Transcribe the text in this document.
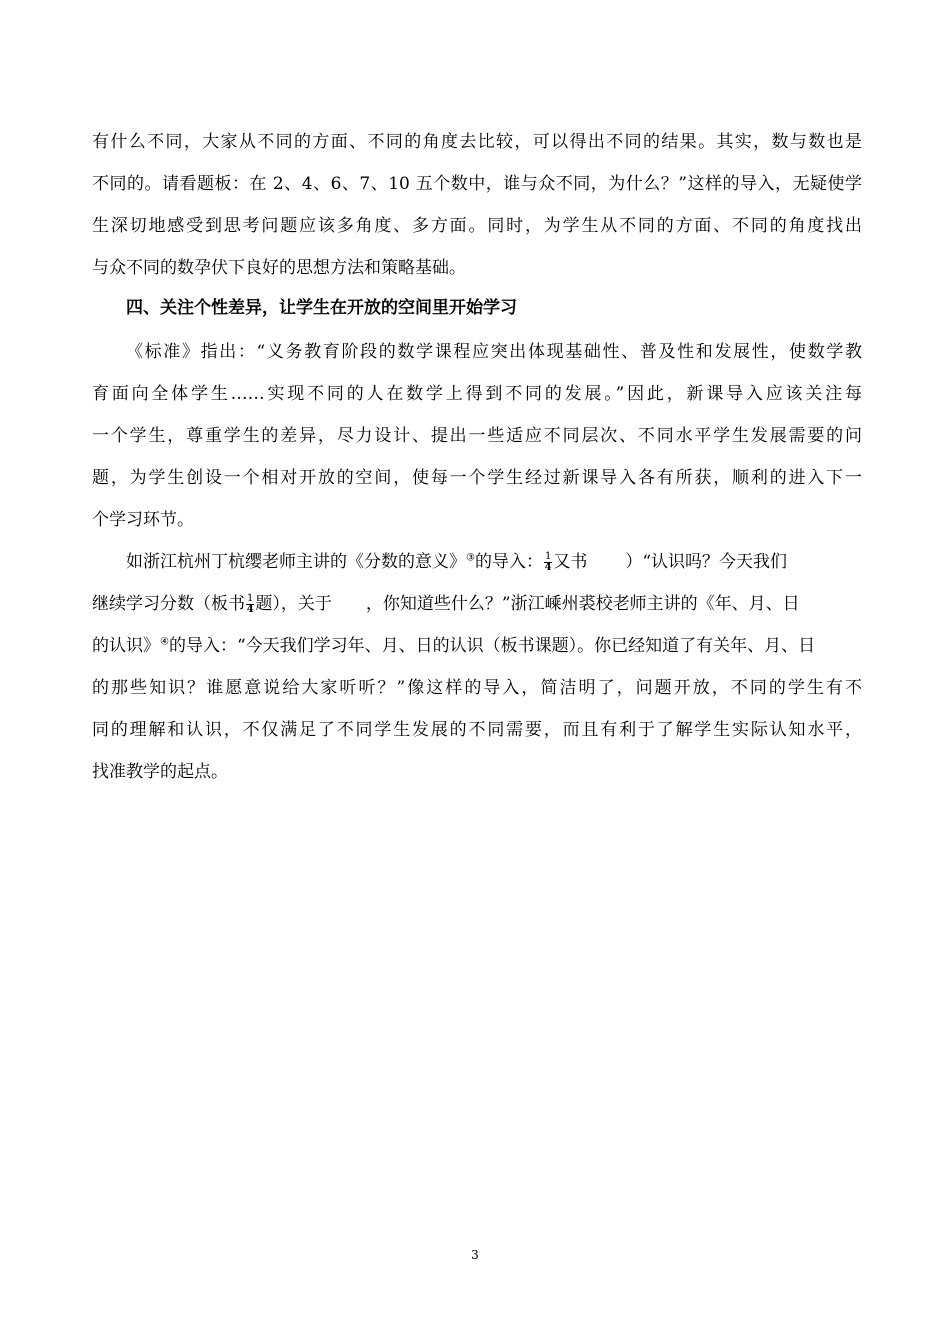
有什么不同，大家从不同的方面、不同的角度去比较，可以得出不同的结果。其实，数与数也是
不同的。请看题板：在 2、4、6、7、10 五个数中，谁与众不同，为什么？”这样的导入，无疑使学
生深切地感受到思考问题应该多角度、多方面。同时，为学生从不同的方面、不同的角度找出
与众不同的数孕伏下良好的思想方法和策略基础。
四、关注个性差异，让学生在开放的空间里开始学习
《标准》指出：“义务教育阶段的数学课程应突出体现基础性、普及性和发展性，使数学教
育面向全体学生……实现不同的人在数学上得到不同的发展。”因此，新课导入应该关注每
一个学生，尊重学生的差异，尽力设计、提出一些适应不同层次、不同水平学生发展需要的问
题，为学生创设一个相对开放的空间，使每一个学生经过新课导入各有所获，顺利的进入下一
个学习环节。
如浙江杭州丁杭缨老师主讲的《分数的意义》③的导入： $\frac{1}{4}$ 又书 ）“认识吗？今天我们
继续学习分数（板书 $\frac{1}{4}$ 题），关于 ，你知道些什么？”浙江嵊州裘校老师主讲的《年、月、日
的认识》④的导入：“今天我们学习年、月、日的认识（板书课题）。你已经知道了有关年、月、日
的那些知识？谁愿意说给大家听听？”像这样的导入，简洁明了，问题开放，不同的学生有不
同的理解和认识，不仅满足了不同学生发展的不同需要，而且有利于了解学生实际认知水平，
找准教学的起点。
3
